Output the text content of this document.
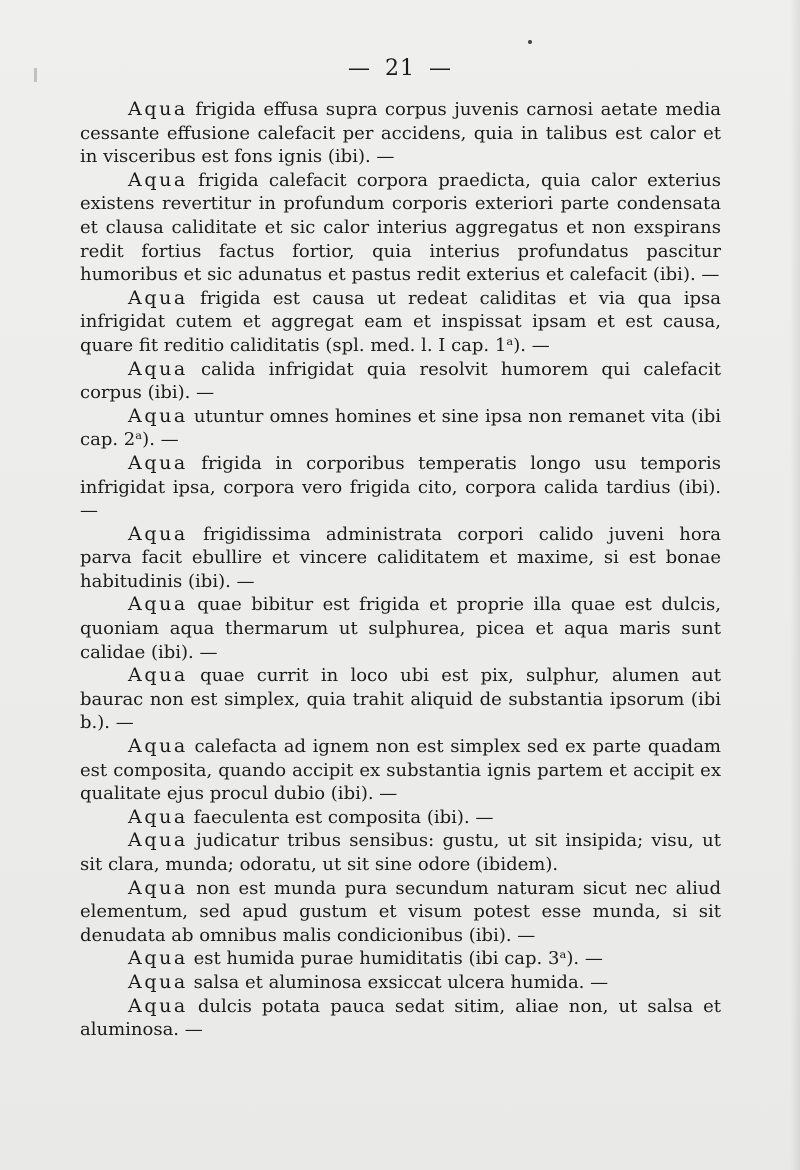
— 21 —

Aqua frigida effusa supra corpus juvenis carnosi aetate media cessante effusione calefacit per accidens, quia in talibus est calor et in visceribus est fons ignis (ibi). —

Aqua frigida calefacit corpora praedicta, quia calor exterius existens revertitur in profundum corporis exteriori parte condensata et clausa caliditate et sic calor interius aggregatus et non exspirans redit fortius factus fortior, quia interius profundatus pascitur humoribus et sic adunatus et pastus redit exterius et calefacit (ibi). —

Aqua frigida est causa ut redeat caliditas et via qua ipsa infrigidat cutem et aggregat eam et inspissat ipsam et est causa, quare fit reditio caliditatis (spl. med. l. I cap. 1ᵃ). —

Aqua calida infrigidat quia resolvit humorem qui calefacit corpus (ibi). —

Aqua utuntur omnes homines et sine ipsa non remanet vita (ibi cap. 2ᵃ). —

Aqua frigida in corporibus temperatis longo usu temporis infrigidat ipsa, corpora vero frigida cito, corpora calida tardius (ibi). —

Aqua frigidissima administrata corpori calido juveni hora parva facit ebullire et vincere caliditatem et maxime, si est bonae habitudinis (ibi). —

Aqua quae bibitur est frigida et proprie illa quae est dulcis, quoniam aqua thermarum ut sulphurea, picea et aqua maris sunt calidae (ibi). —

Aqua quae currit in loco ubi est pix, sulphur, alumen aut baurac non est simplex, quia trahit aliquid de substantia ipsorum (ibi b.). —

Aqua calefacta ad ignem non est simplex sed ex parte quadam est composita, quando accipit ex substantia ignis partem et accipit ex qualitate ejus procul dubio (ibi). —

Aqua faeculenta est composita (ibi). —

Aqua judicatur tribus sensibus: gustu, ut sit insipida; visu, ut sit clara, munda; odoratu, ut sit sine odore (ibidem).

Aqua non est munda pura secundum naturam sicut nec aliud elementum, sed apud gustum et visum potest esse munda, si sit denudata ab omnibus malis condicionibus (ibi). —

Aqua est humida purae humiditatis (ibi cap. 3ᵃ). —

Aqua salsa et aluminosa exsiccat ulcera humida. —

Aqua dulcis potata pauca sedat sitim, aliae non, ut salsa et aluminosa. —
